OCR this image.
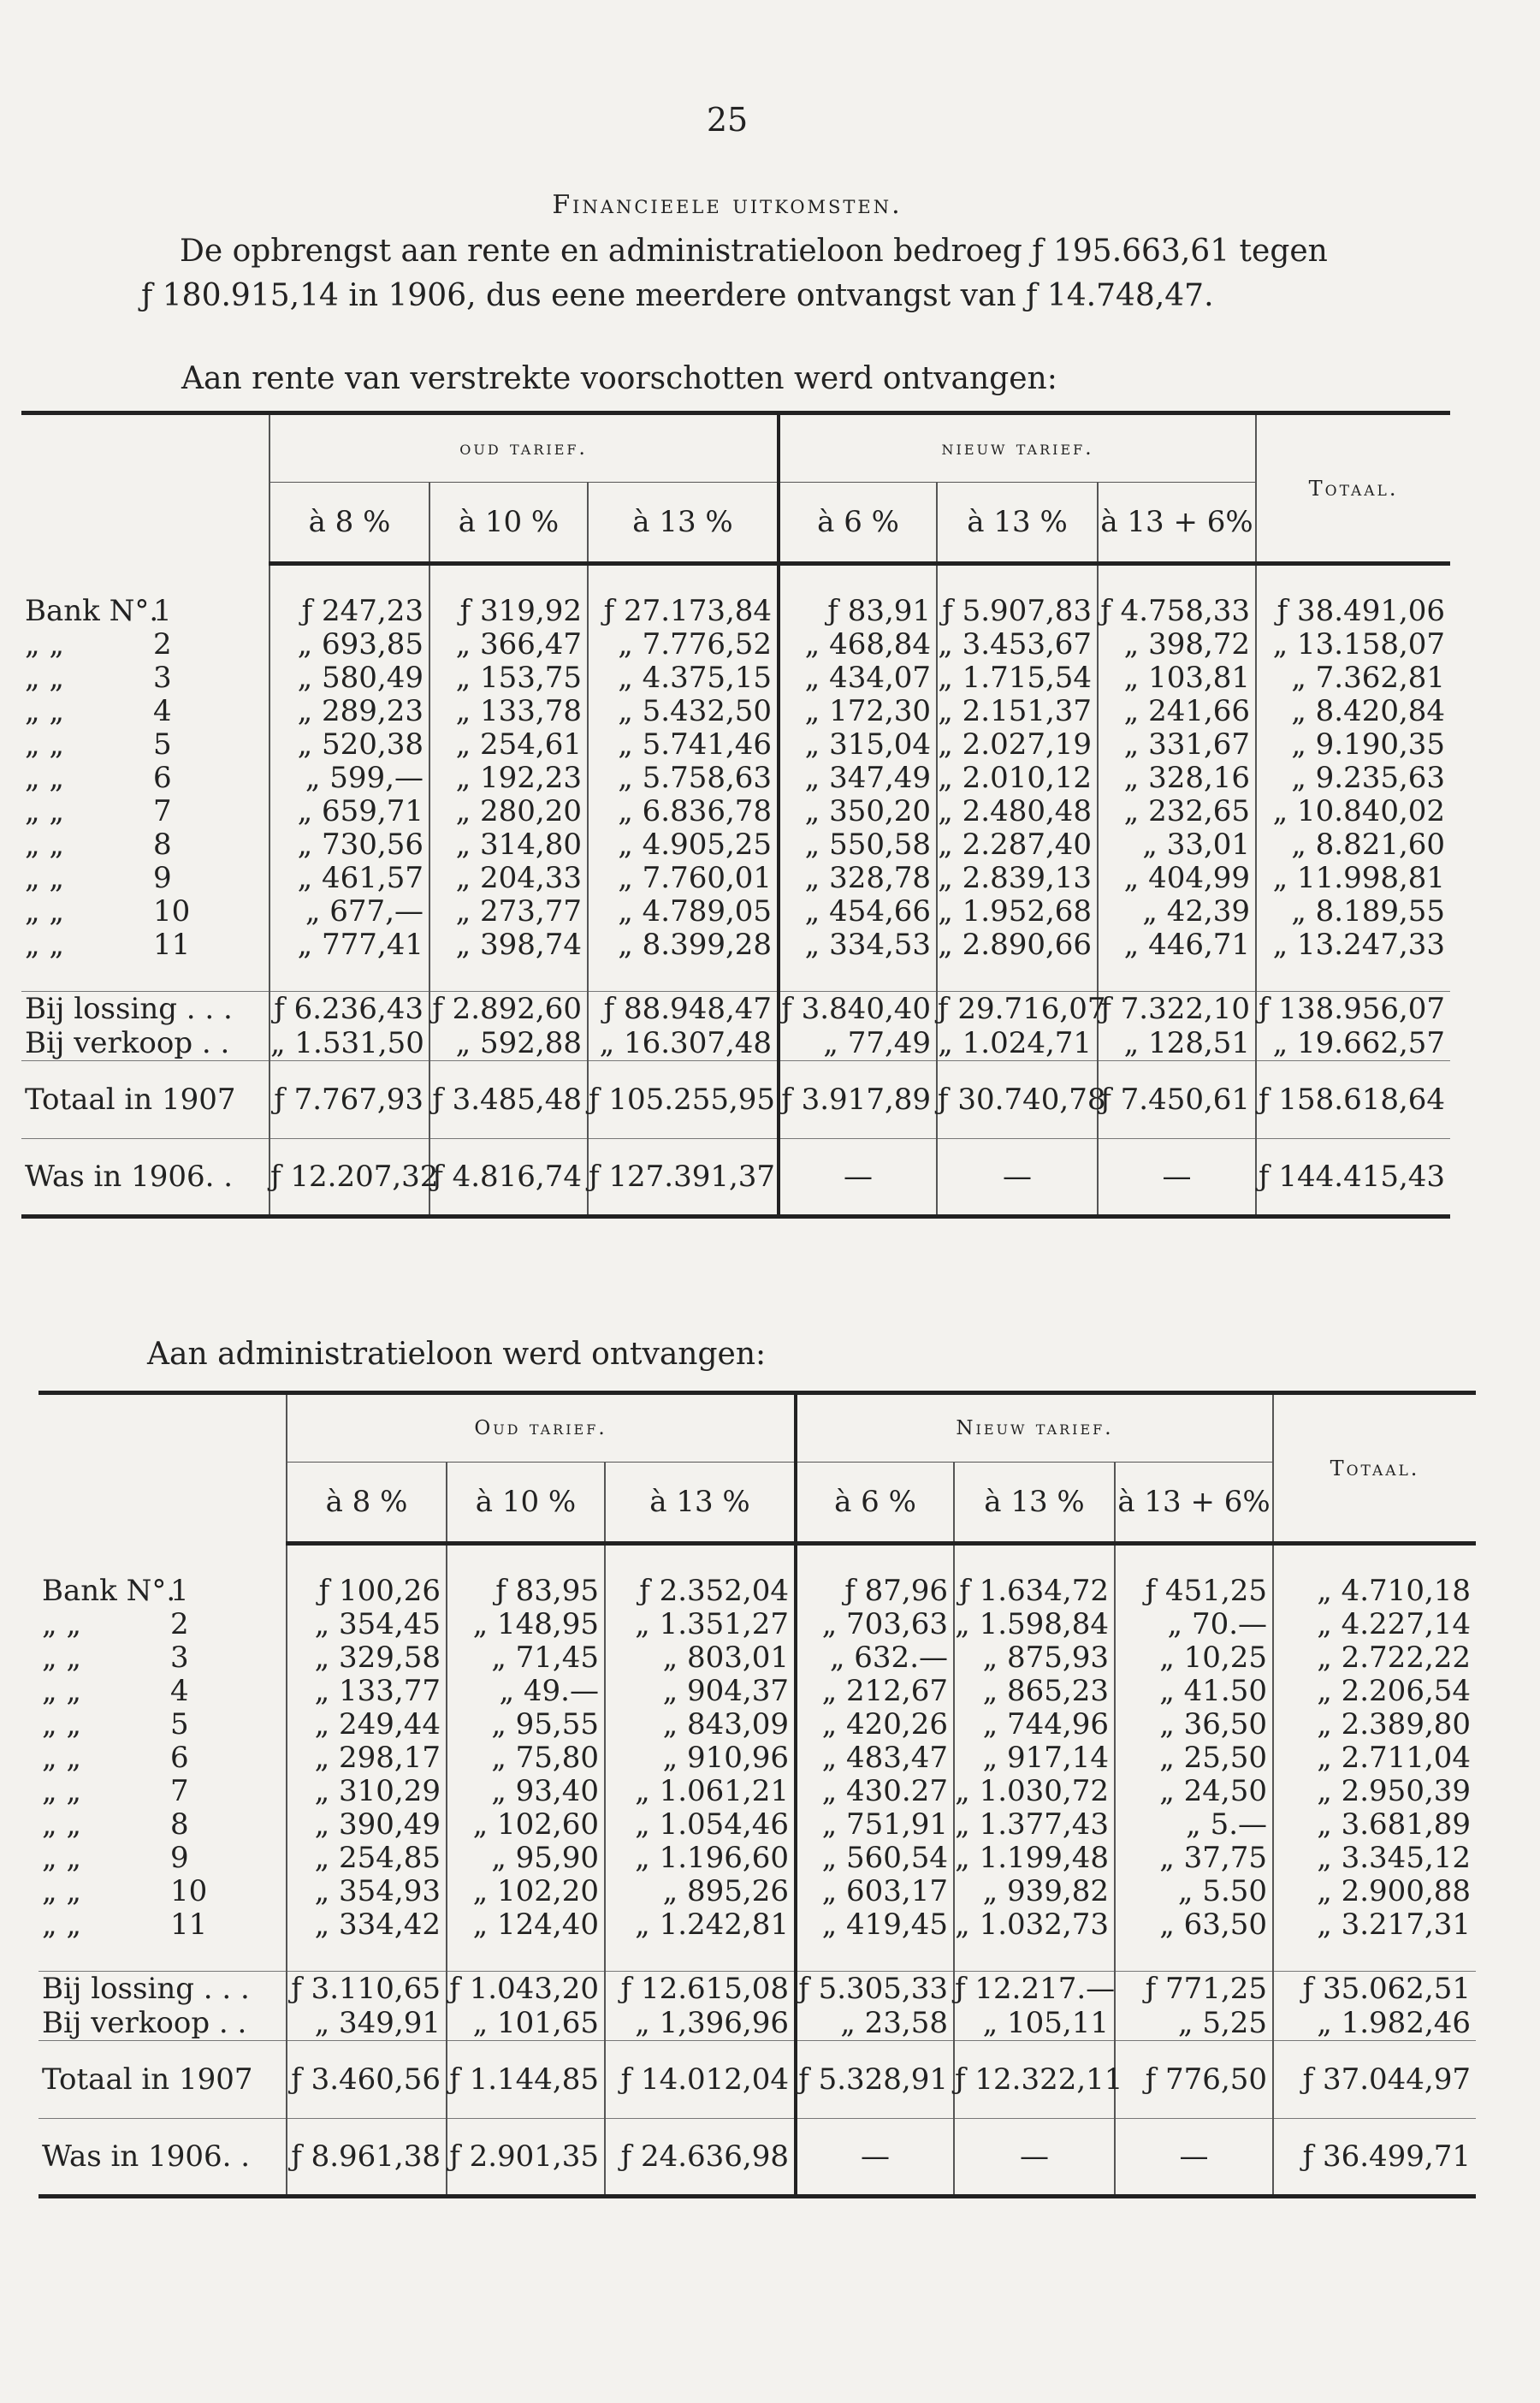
25
Financieele uitkomsten.
De opbrengst aan rente en administratieloon bedroeg ƒ 195.663,61 tegen
ƒ 180.915,14 in 1906, dus eene meerdere ontvangst van ƒ 14.748,47.
Aan rente van verstrekte voorschotten werd ontvangen:
	oud tarief.			nieuw tarief.			Totaal.
	à 8 %	à 10 %	à 13 %	à 6 %	à 13 %	à 13 + 6%	

Bank N°.1	ƒ 247,23	ƒ 319,92	ƒ 27.173,84	ƒ 83,91	ƒ 5.907,83	ƒ 4.758,33	ƒ 38.491,06
„ „ 2	„ 693,85	„ 366,47	„ 7.776,52	„ 468,84	„ 3.453,67	„ 398,72	„ 13.158,07
„ „ 3	„ 580,49	„ 153,75	„ 4.375,15	„ 434,07	„ 1.715,54	„ 103,81	„ 7.362,81
„ „ 4	„ 289,23	„ 133,78	„ 5.432,50	„ 172,30	„ 2.151,37	„ 241,66	„ 8.420,84
„ „ 5	„ 520,38	„ 254,61	„ 5.741,46	„ 315,04	„ 2.027,19	„ 331,67	„ 9.190,35
„ „ 6	„ 599,—	„ 192,23	„ 5.758,63	„ 347,49	„ 2.010,12	„ 328,16	„ 9.235,63
„ „ 7	„ 659,71	„ 280,20	„ 6.836,78	„ 350,20	„ 2.480,48	„ 232,65	„ 10.840,02
„ „ 8	„ 730,56	„ 314,80	„ 4.905,25	„ 550,58	„ 2.287,40	„ 33,01	„ 8.821,60
„ „ 9	„ 461,57	„ 204,33	„ 7.760,01	„ 328,78	„ 2.839,13	„ 404,99	„ 11.998,81
„ „ 10	„ 677,—	„ 273,77	„ 4.789,05	„ 454,66	„ 1.952,68	„ 42,39	„ 8.189,55
„ „ 11	„ 777,41	„ 398,74	„ 8.399,28	„ 334,53	„ 2.890,66	„ 446,71	„ 13.247,33

Bij lossing . . .	ƒ 6.236,43	ƒ 2.892,60	ƒ 88.948,47	ƒ 3.840,40	ƒ 29.716,07	ƒ 7.322,10	ƒ 138.956,07
Bij verkoop . .	„ 1.531,50	„ 592,88	„ 16.307,48	„ 77,49	„ 1.024,71	„ 128,51	„ 19.662,57
Totaal in 1907	ƒ 7.767,93	ƒ 3.485,48	ƒ 105.255,95	ƒ 3.917,89	ƒ 30.740,78	ƒ 7.450,61	ƒ 158.618,64
Was in 1906. .	ƒ 12.207,32	ƒ 4.816,74	ƒ 127.391,37	—	—	—	ƒ 144.415,43
Aan administratieloon werd ontvangen:
	Oud tarief.			Nieuw tarief.			Totaal.
	à 8 %	à 10 %	à 13 %	à 6 %	à 13 %	à 13 + 6%	

Bank N°.1	ƒ 100,26	ƒ 83,95	ƒ 2.352,04	ƒ 87,96	ƒ 1.634,72	ƒ 451,25	„ 4.710,18
„ „ 2	„ 354,45	„ 148,95	„ 1.351,27	„ 703,63	„ 1.598,84	„ 70.—	„ 4.227,14
„ „ 3	„ 329,58	„ 71,45	„ 803,01	„ 632.—	„ 875,93	„ 10,25	„ 2.722,22
„ „ 4	„ 133,77	„ 49.—	„ 904,37	„ 212,67	„ 865,23	„ 41.50	„ 2.206,54
„ „ 5	„ 249,44	„ 95,55	„ 843,09	„ 420,26	„ 744,96	„ 36,50	„ 2.389,80
„ „ 6	„ 298,17	„ 75,80	„ 910,96	„ 483,47	„ 917,14	„ 25,50	„ 2.711,04
„ „ 7	„ 310,29	„ 93,40	„ 1.061,21	„ 430.27	„ 1.030,72	„ 24,50	„ 2.950,39
„ „ 8	„ 390,49	„ 102,60	„ 1.054,46	„ 751,91	„ 1.377,43	„ 5.—	„ 3.681,89
„ „ 9	„ 254,85	„ 95,90	„ 1.196,60	„ 560,54	„ 1.199,48	„ 37,75	„ 3.345,12
„ „ 10	„ 354,93	„ 102,20	„ 895,26	„ 603,17	„ 939,82	„ 5.50	„ 2.900,88
„ „ 11	„ 334,42	„ 124,40	„ 1.242,81	„ 419,45	„ 1.032,73	„ 63,50	„ 3.217,31

Bij lossing . . .	ƒ 3.110,65	ƒ 1.043,20	ƒ 12.615,08	ƒ 5.305,33	ƒ 12.217.—	ƒ 771,25	ƒ 35.062,51
Bij verkoop . .	„ 349,91	„ 101,65	„ 1,396,96	„ 23,58	„ 105,11	„ 5,25	„ 1.982,46
Totaal in 1907	ƒ 3.460,56	ƒ 1.144,85	ƒ 14.012,04	ƒ 5.328,91	ƒ 12.322,11	ƒ 776,50	ƒ 37.044,97
Was in 1906. .	ƒ 8.961,38	ƒ 2.901,35	ƒ 24.636,98	—	—	—	ƒ 36.499,71
